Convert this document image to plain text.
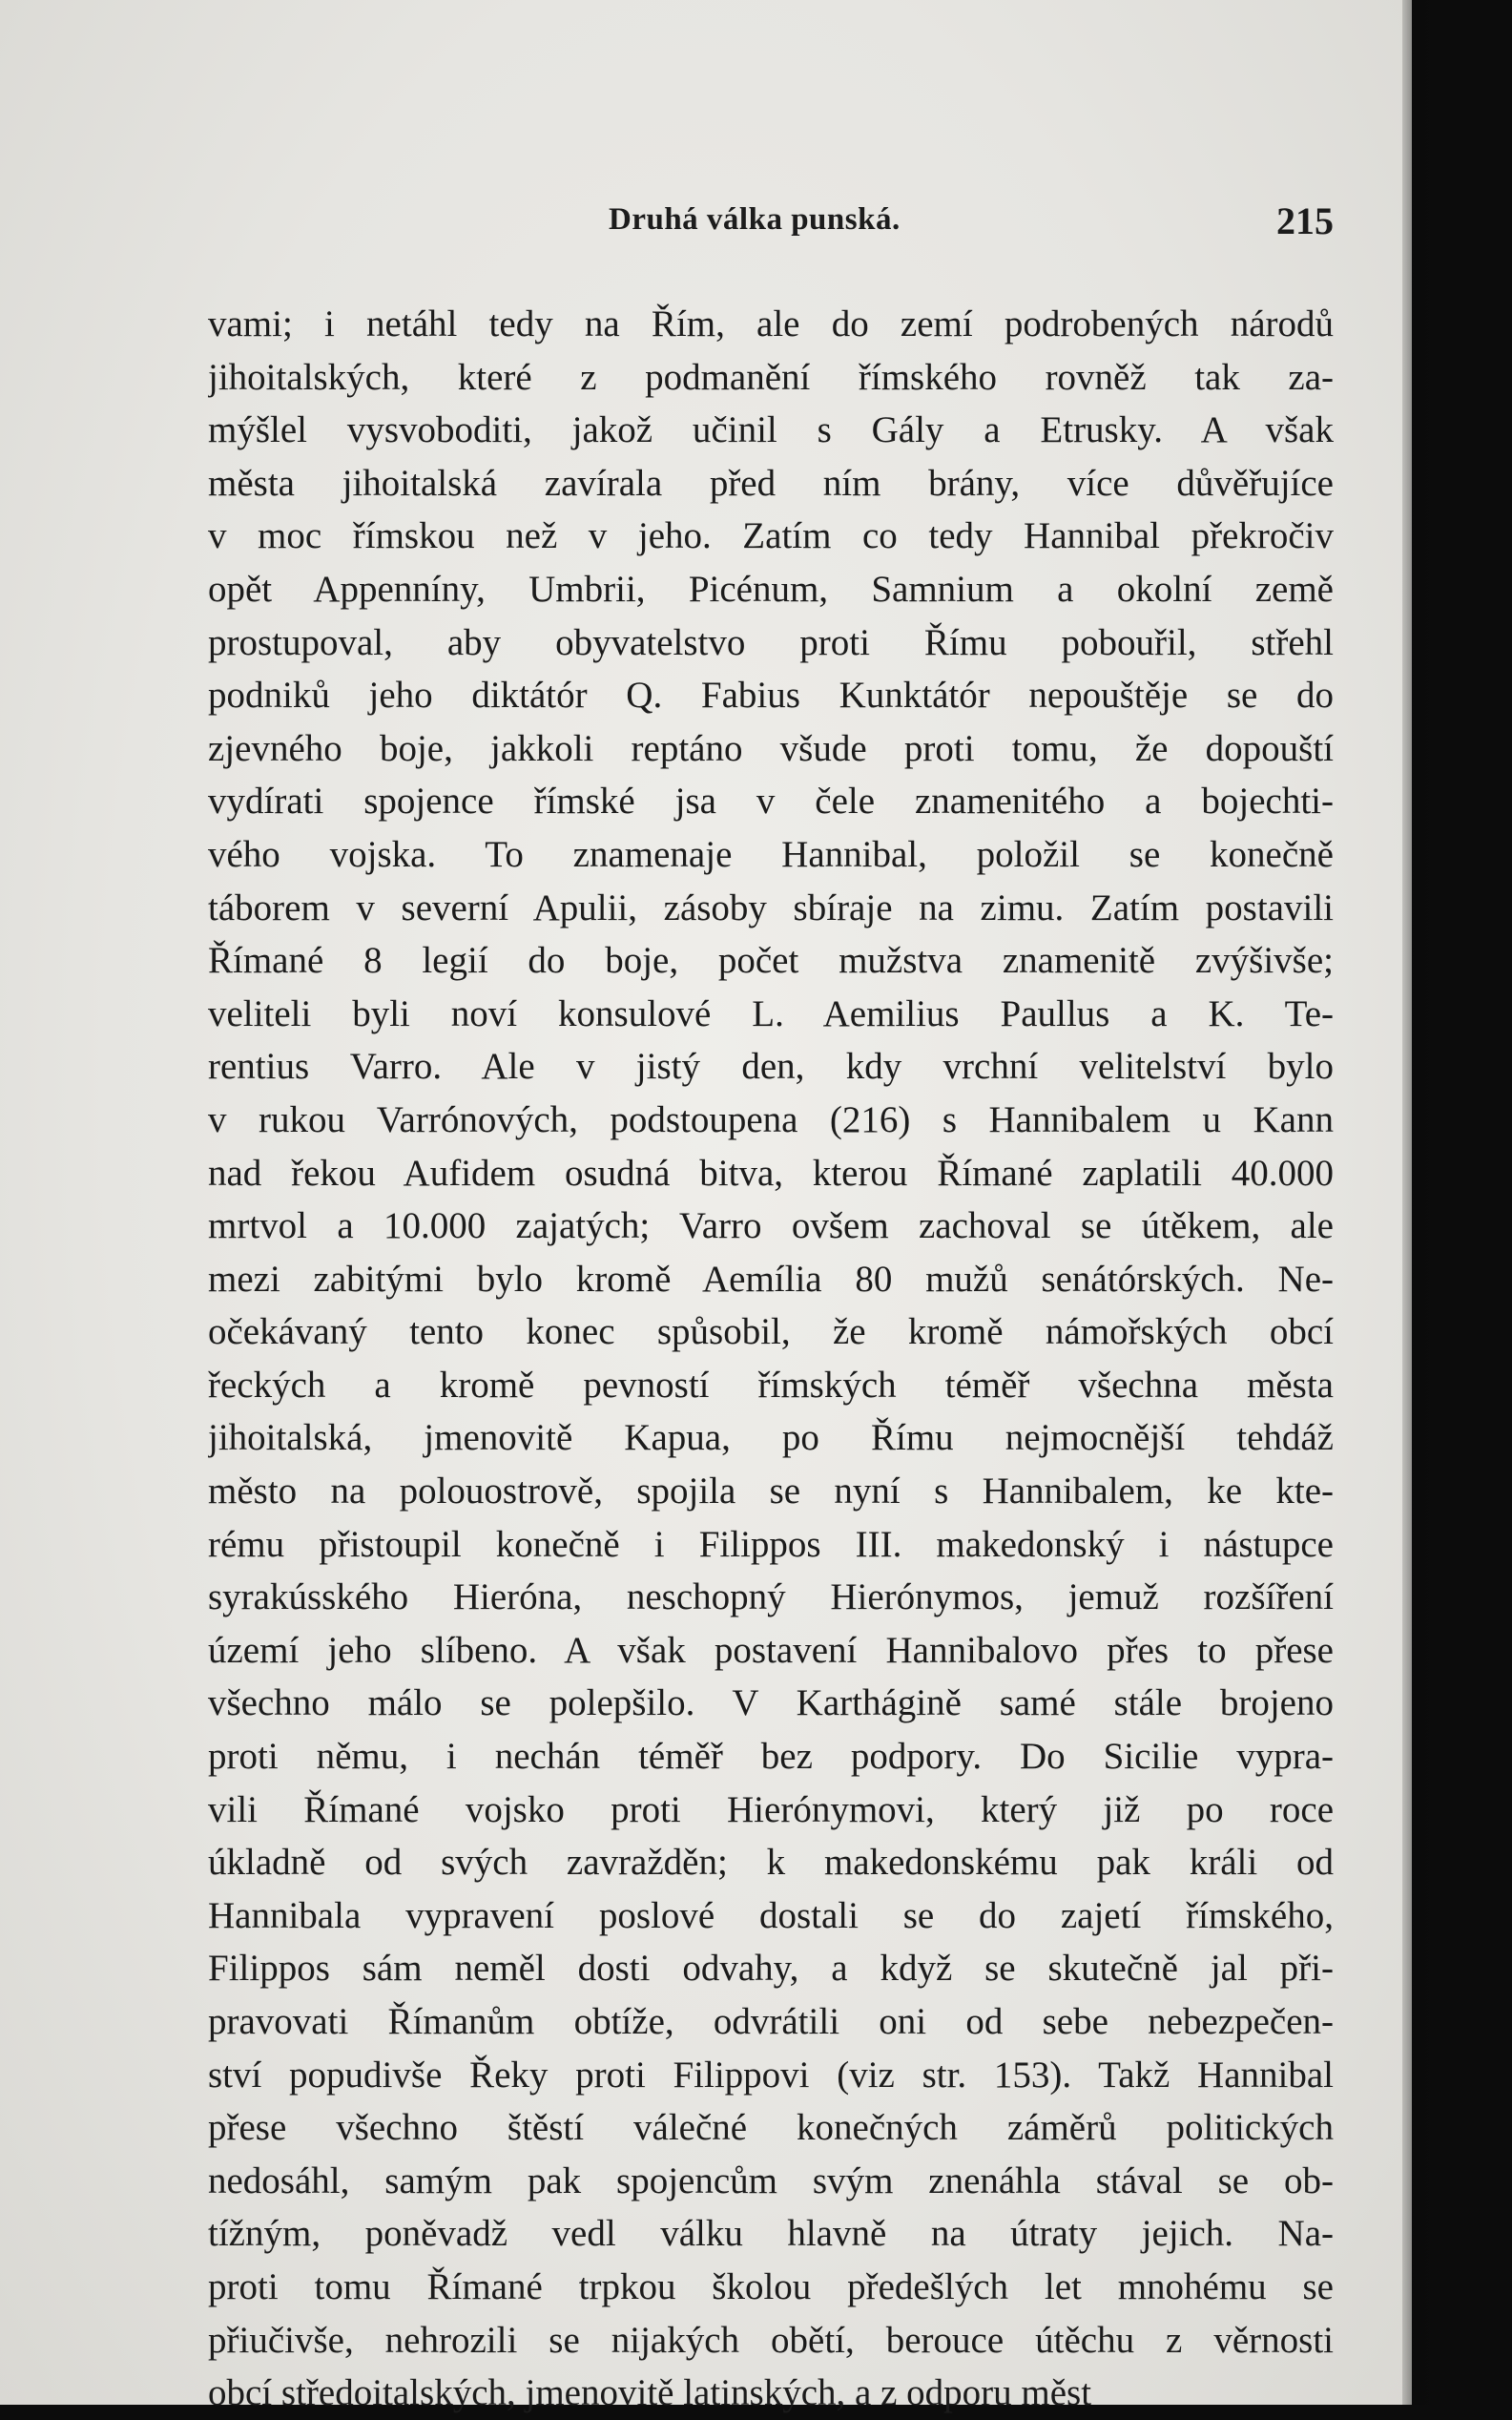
Druhá válka punská.	215
vami; i netáhl tedy na Řím, ale do zemí podrobených národů
jihoitalských, které z podmanění římského rovněž tak za-
mýšlel vysvoboditi, jakož učinil s Gály a Etrusky. A však
města jihoitalská zavírala před ním brány, více důvěřujíce
v moc římskou než v jeho. Zatím co tedy Hannibal překročiv
opět Appenníny, Umbrii, Picénum, Samnium a okolní země
prostupoval, aby obyvatelstvo proti Římu pobouřil, střehl
podniků jeho diktátór Q. Fabius Kunktátór nepouštěje se do
zjevného boje, jakkoli reptáno všude proti tomu, že dopouští
vydírati spojence římské jsa v čele znamenitého a bojechti-
vého vojska. To znamenaje Hannibal, položil se konečně
táborem v severní Apulii, zásoby sbíraje na zimu. Zatím postavili
Římané 8 legií do boje, počet mužstva znamenitě zvýšivše;
veliteli byli noví konsulové L. Aemilius Paullus a K. Te-
rentius Varro. Ale v jistý den, kdy vrchní velitelství bylo
v rukou Varrónových, podstoupena (216) s Hannibalem u Kann
nad řekou Aufidem osudná bitva, kterou Římané zaplatili 40.000
mrtvol a 10.000 zajatých; Varro ovšem zachoval se útěkem, ale
mezi zabitými bylo kromě Aemília 80 mužů senátórských. Ne-
očekávaný tento konec spůsobil, že kromě námořských obcí
řeckých a kromě pevností římských téměř všechna města
jihoitalská, jmenovitě Kapua, po Římu nejmocnější tehdáž
město na polouostrově, spojila se nyní s Hannibalem, ke kte-
rému přistoupil konečně i Filippos III. makedonský i nástupce
syrakúsského Hieróna, neschopný Hierónymos, jemuž rozšíření
území jeho slíbeno. A však postavení Hannibalovo přes to přese
všechno málo se polepšilo. V Karthágině samé stále brojeno
proti němu, i nechán téměř bez podpory. Do Sicilie vypra-
vili Římané vojsko proti Hierónymovi, který již po roce
úkladně od svých zavražděn; k makedonskému pak králi od
Hannibala vypravení poslové dostali se do zajetí římského,
Filippos sám neměl dosti odvahy, a když se skutečně jal při-
pravovati Římanům obtíže, odvrátili oni od sebe nebezpečen-
ství popudivše Řeky proti Filippovi (viz str. 153). Takž Hannibal
přese všechno štěstí válečné konečných záměrů politických
nedosáhl, samým pak spojencům svým znenáhla stával se ob-
tížným, poněvadž vedl válku hlavně na útraty jejich. Na-
proti tomu Římané trpkou školou předešlých let mnohému se
přiučivše, nehrozili se nijakých obětí, berouce útěchu z věrnosti
obcí středoitalských, jmenovitě latinských, a z odporu měst
